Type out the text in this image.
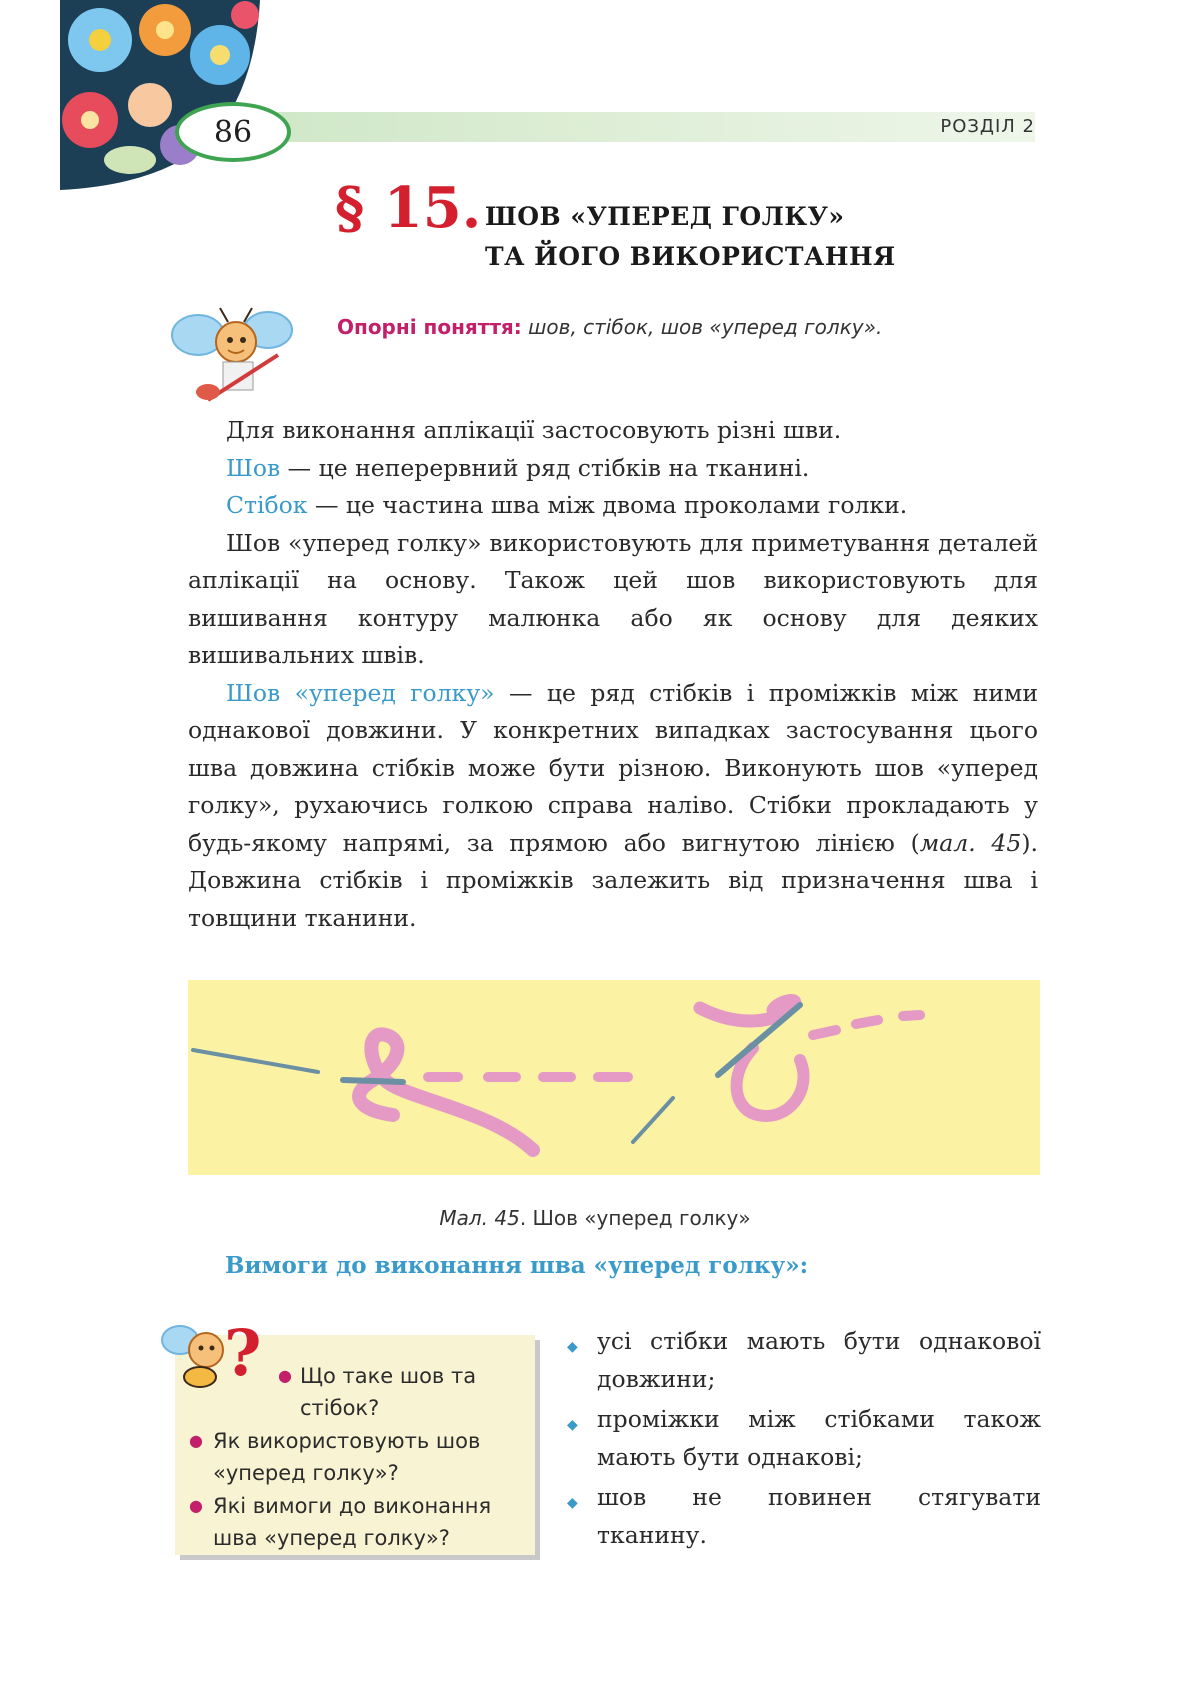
86	РОЗДІЛ 2
§ 15. ШОВ «УПЕРЕД ГОЛКУ»
ТА ЙОГО ВИКОРИСТАННЯ
Опорні поняття: шов, стібок, шов «уперед голку».

Для виконання аплікації застосовують різні шви.

Шов — це неперервний ряд стібків на тканині.

Стібок — це частина шва між двома проколами голки.

Шов «уперед голку» використовують для приметування деталей аплікації на основу. Також цей шов використовують для вишивання контуру малюнка або як основу для деяких вишивальних швів.

Шов «уперед голку» — це ряд стібків і проміжків між ними однакової довжини. У конкретних випадках застосування цього шва довжина стібків може бути різною. Виконують шов «уперед голку», рухаючись голкою справа наліво. Стібки прокладають у будь-якому напрямі, за прямою або вигнутою лінією (мал. 45). Довжина стібків і проміжків залежить від призначення шва і товщини тканини.

Мал. 45. Шов «уперед голку»
Вимоги до виконання шва «уперед голку»:
? ● Що таке шов та стібок?
● Як використовують шов «уперед голку»?
● Які вимоги до виконання шва «уперед голку»?
◆ усі стібки мають бути однакової довжини;
◆ проміжки між стібками також мають бути однакові;
◆ шов не повинен стягувати тканину.
